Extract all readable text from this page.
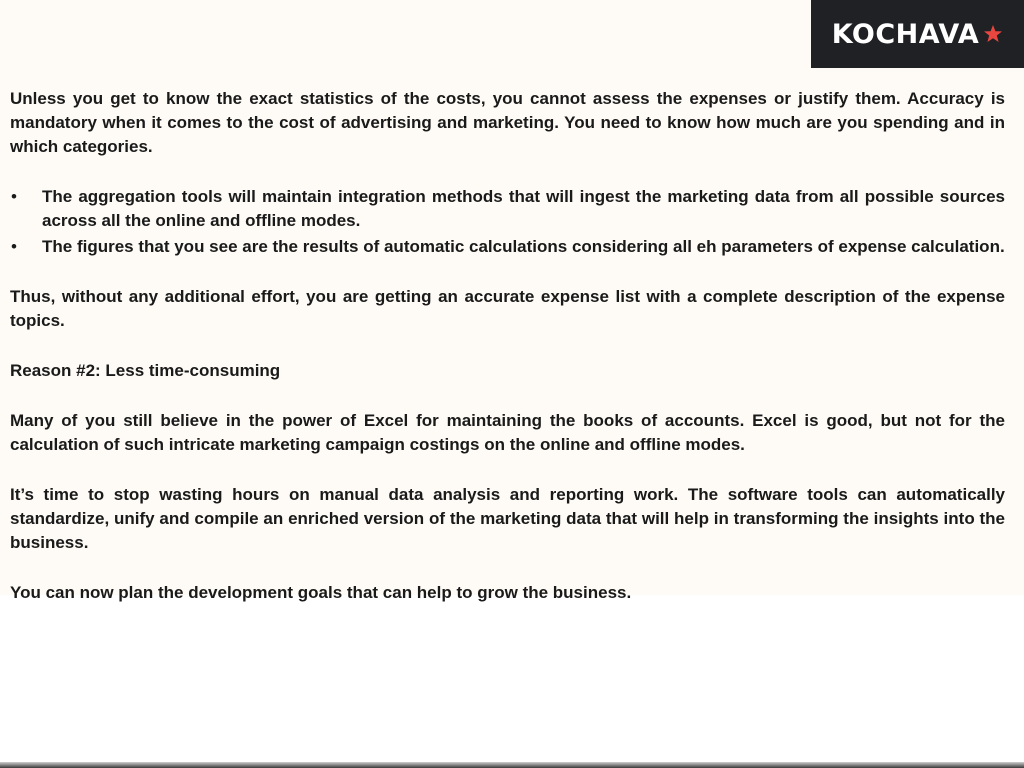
KOCHAVA

Unless you get to know the exact statistics of the costs, you cannot assess the expenses or justify them. Accuracy is mandatory when it comes to the cost of advertising and marketing. You need to know how much are you spending and in which categories.

• The aggregation tools will maintain integration methods that will ingest the marketing data from all possible sources across all the online and offline modes.
• The figures that you see are the results of automatic calculations considering all eh parameters of expense calculation.

Thus, without any additional effort, you are getting an accurate expense list with a complete description of the expense topics.

Reason #2: Less time-consuming

Many of you still believe in the power of Excel for maintaining the books of accounts. Excel is good, but not for the calculation of such intricate marketing campaign costings on the online and offline modes.

It’s time to stop wasting hours on manual data analysis and reporting work. The software tools can automatically standardize, unify and compile an enriched version of the marketing data that will help in transforming the insights into the business.

You can now plan the development goals that can help to grow the business.
